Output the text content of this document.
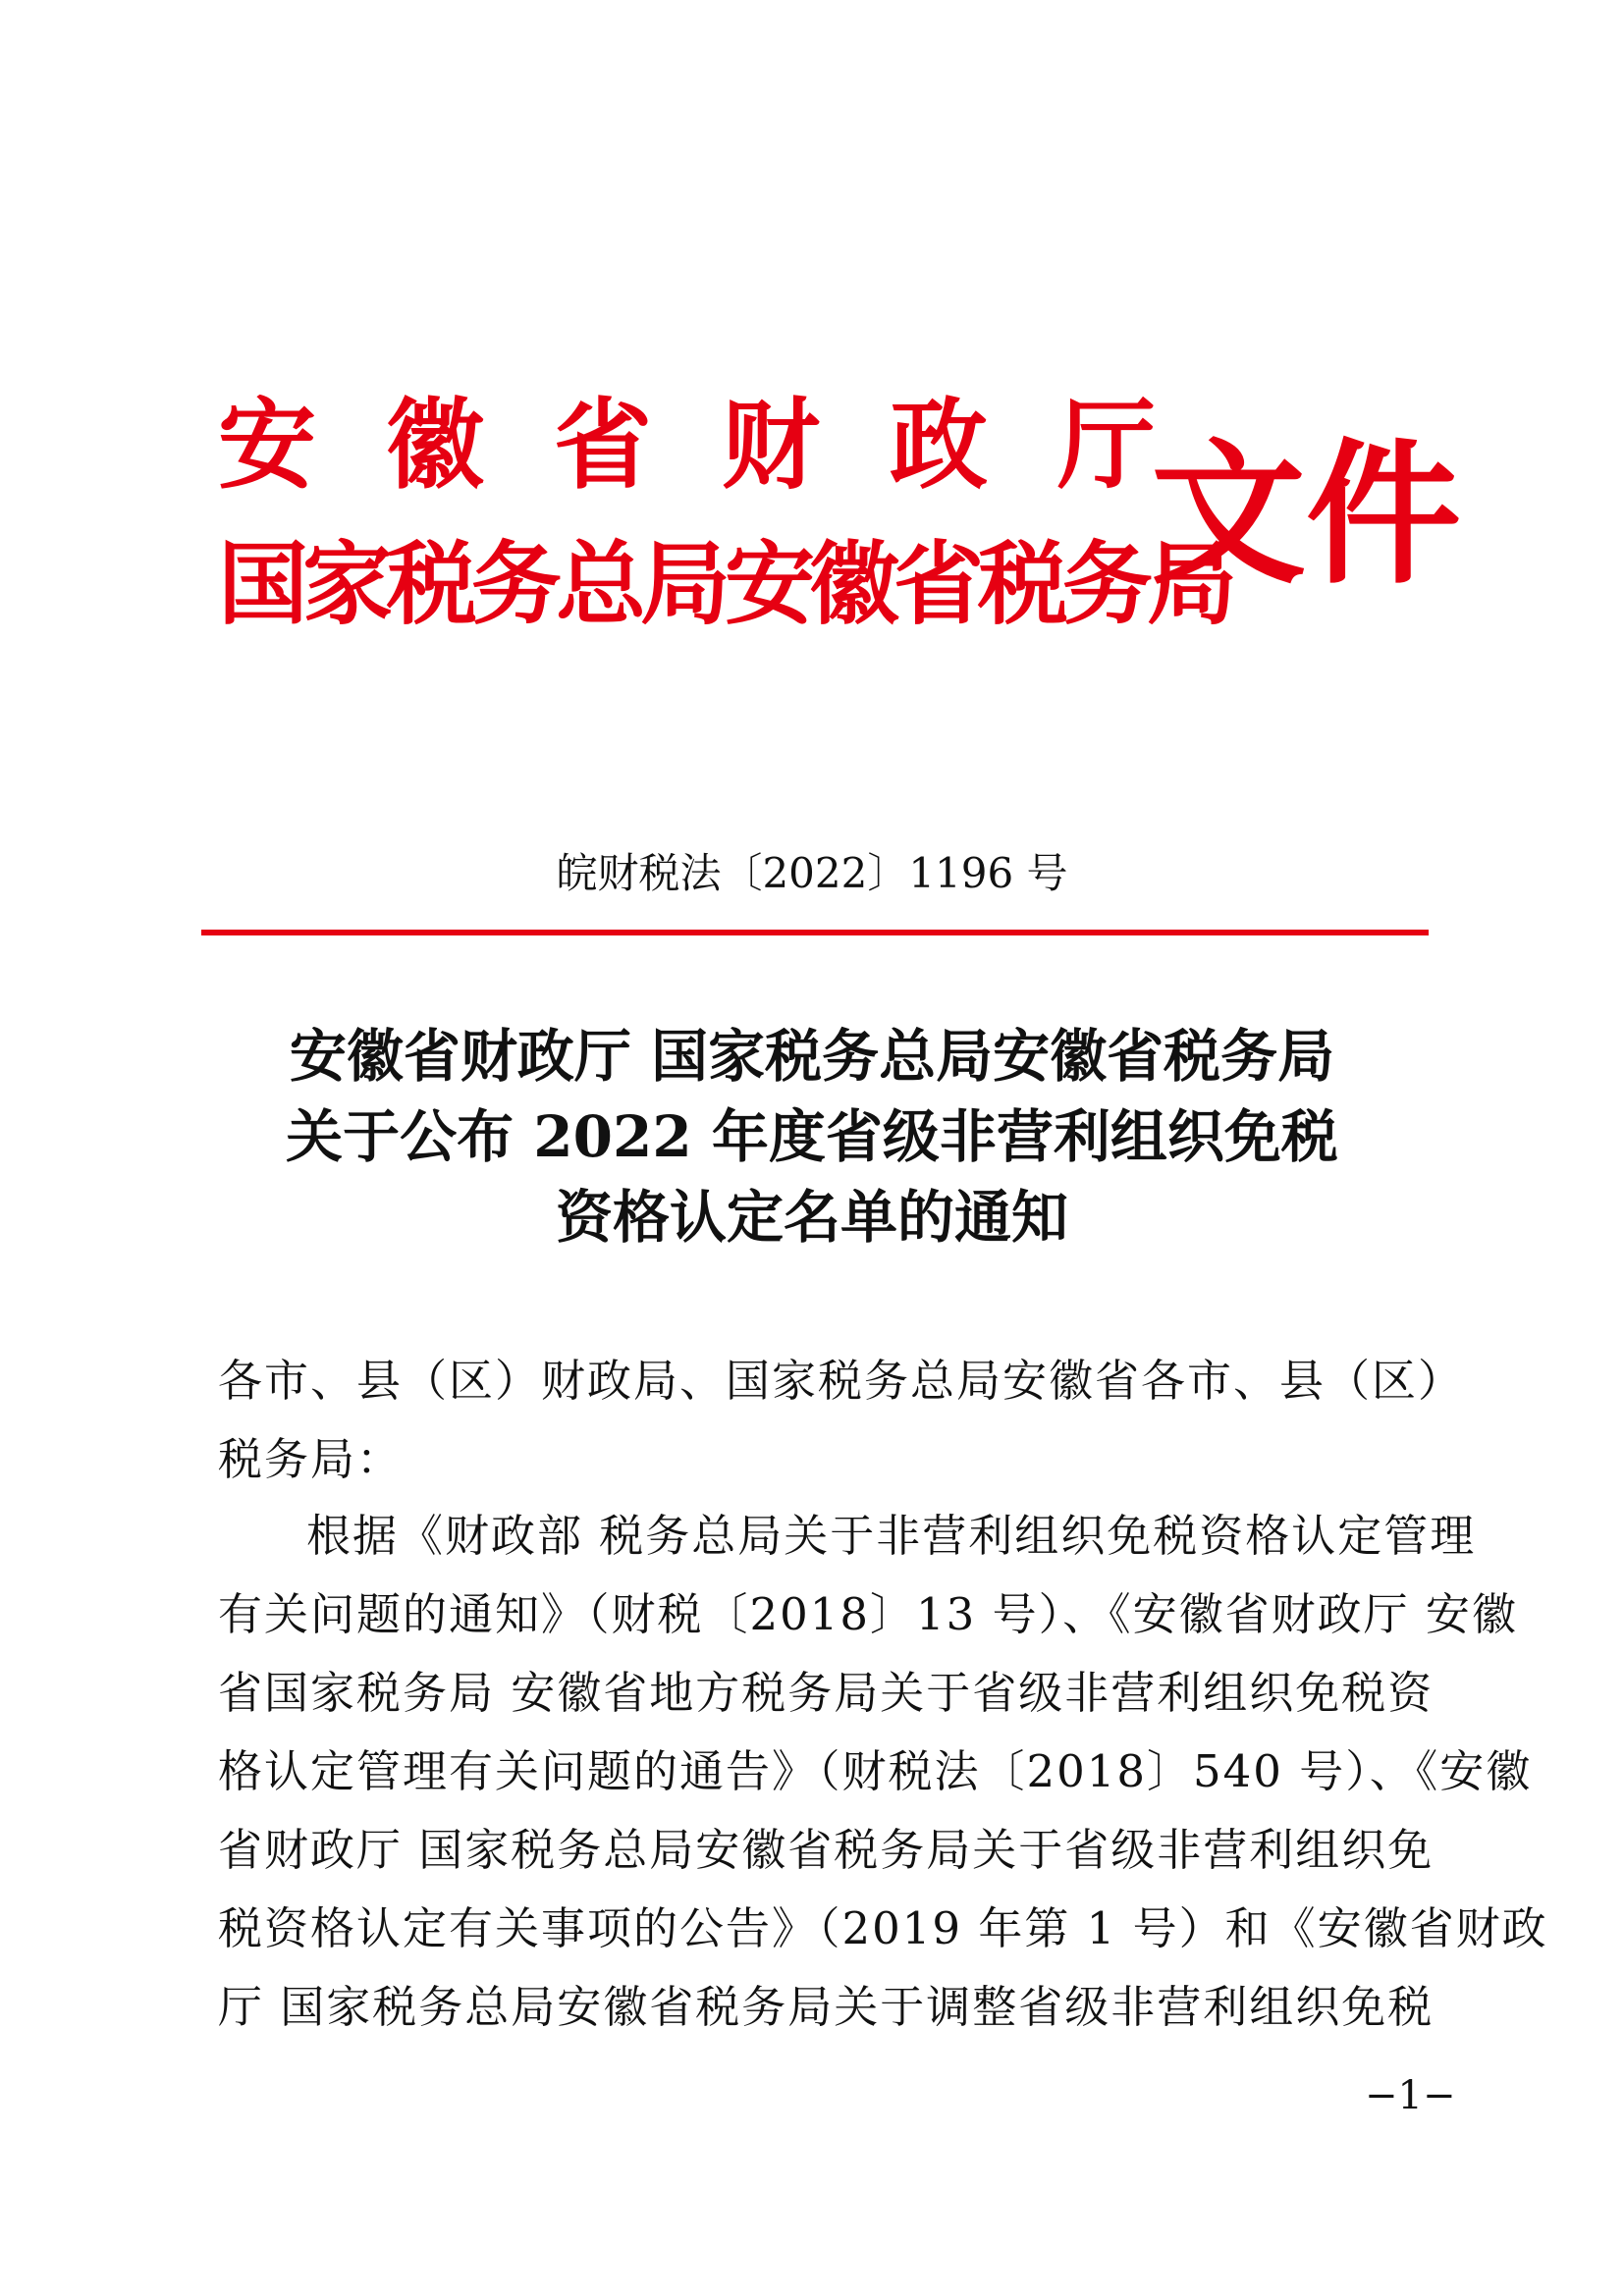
安 徽 省 财 政 厅
国家税务总局安徽省税务局
文件
皖财税法〔2022〕1196 号
安徽省财政厅 国家税务总局安徽省税务局
关于公布 2022 年度省级非营利组织免税
资格认定名单的通知
各市、县（区）财政局、国家税务总局安徽省各市、县（区）
税务局：
根据《财政部 税务总局关于非营利组织免税资格认定管理
有关问题的通知》（财税〔2018〕13 号）、《安徽省财政厅 安徽
省国家税务局 安徽省地方税务局关于省级非营利组织免税资
格认定管理有关问题的通告》（财税法〔2018〕540 号）、《安徽
省财政厅 国家税务总局安徽省税务局关于省级非营利组织免
税资格认定有关事项的公告》（2019 年第 1 号）和《安徽省财政
厅 国家税务总局安徽省税务局关于调整省级非营利组织免税
−1−
